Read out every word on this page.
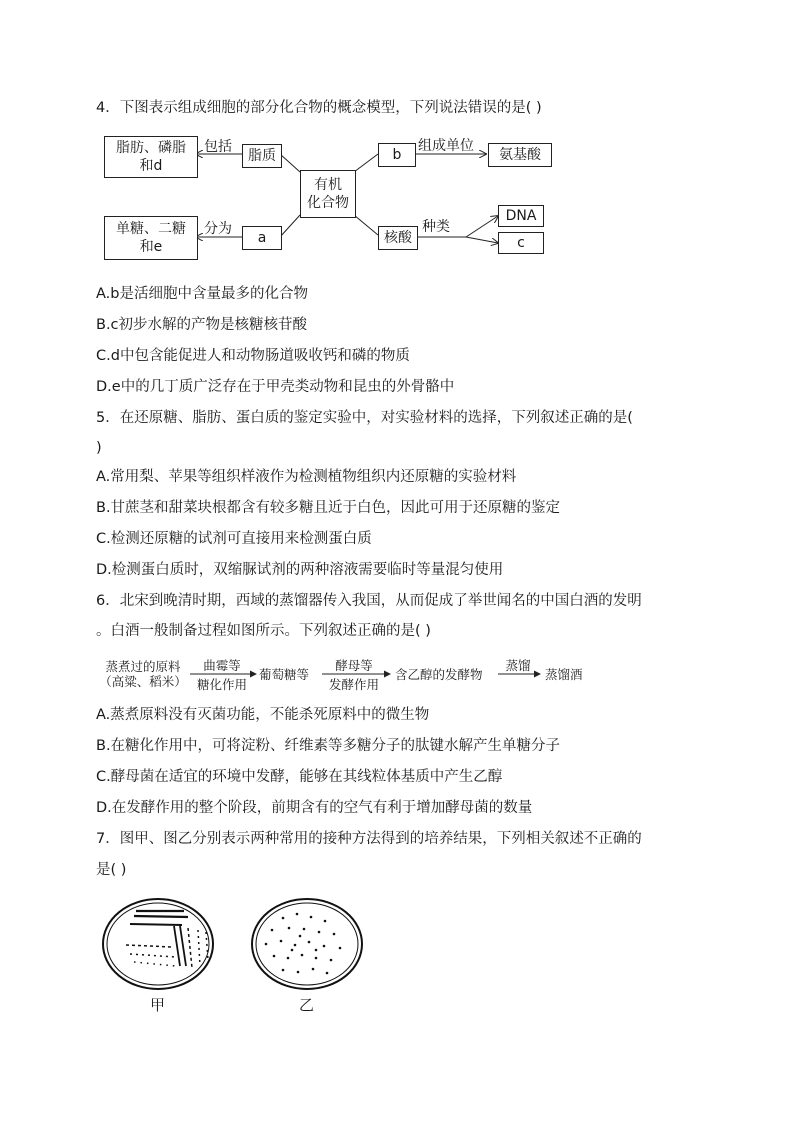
4．下图表示组成细胞的部分化合物的概念模型，下列说法错误的是( )
脂肪、磷脂
和d
包括
脂质
有机
化合物
b
组成单位
氨基酸
单糖、二糖
和e
分为
a	核酸
种类
DNA
c
A.b是活细胞中含量最多的化合物
B.c初步水解的产物是核糖核苷酸
C.d中包含能促进人和动物肠道吸收钙和磷的物质
D.e中的几丁质广泛存在于甲壳类动物和昆虫的外骨骼中
5．在还原糖、脂肪、蛋白质的鉴定实验中，对实验材料的选择，下列叙述正确的是(
)
A.常用梨、苹果等组织样液作为检测植物组织内还原糖的实验材料
B.甘蔗茎和甜菜块根都含有较多糖且近于白色，因此可用于还原糖的鉴定
C.检测还原糖的试剂可直接用来检测蛋白质
D.检测蛋白质时，双缩脲试剂的两种溶液需要临时等量混匀使用
6．北宋到晚清时期，西域的蒸馏器传入我国，从而促成了举世闻名的中国白酒的发明
。白酒一般制备过程如图所示。下列叙述正确的是( )
蒸煮过的原料
（高粱、稻米）
曲霉等
糖化作用
葡萄糖等
酵母等
发酵作用
含乙醇的发酵物
蒸馏
蒸馏酒
A.蒸煮原料没有灭菌功能，不能杀死原料中的微生物
B.在糖化作用中，可将淀粉、纤维素等多糖分子的肽键水解产生单糖分子
C.酵母菌在适宜的环境中发酵，能够在其线粒体基质中产生乙醇
D.在发酵作用的整个阶段，前期含有的空气有利于增加酵母菌的数量
7．图甲、图乙分别表示两种常用的接种方法得到的培养结果，下列相关叙述不正确的
是( )
甲	乙
